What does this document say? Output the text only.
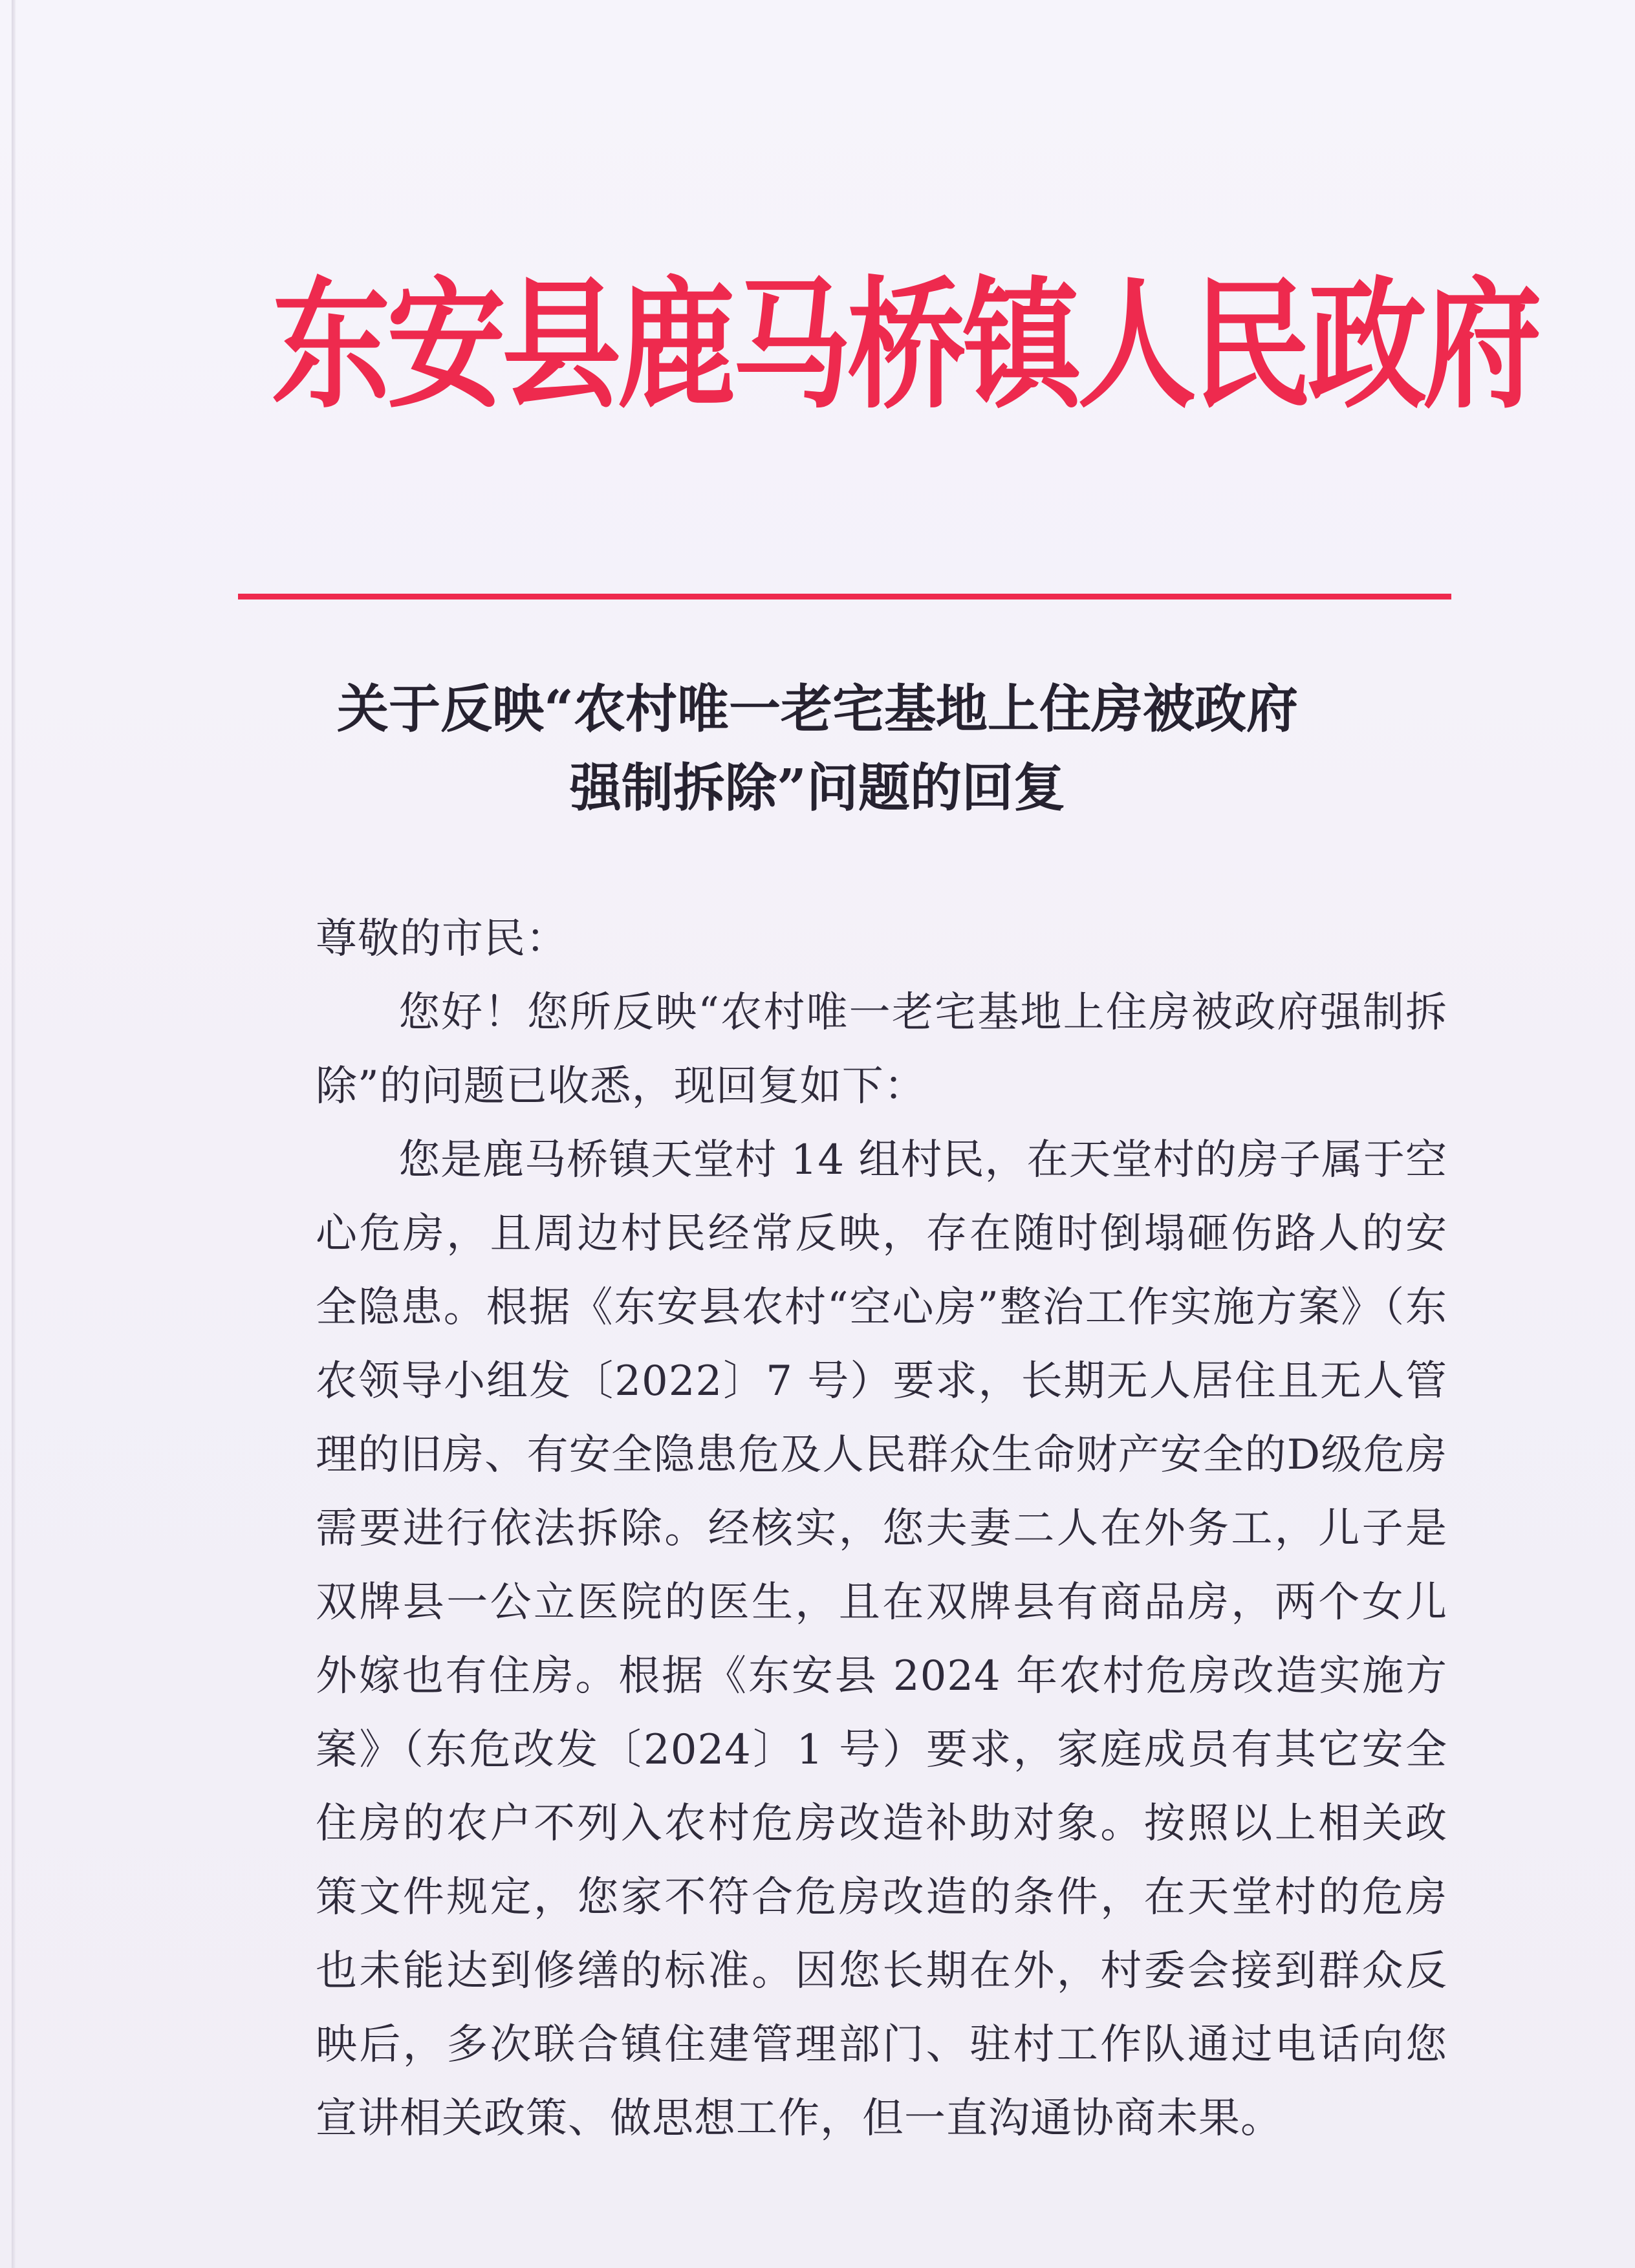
东安县鹿马桥镇人民政府
关于反映“农村唯一老宅基地上住房被政府
强制拆除”问题的回复

尊敬的市民：

您好！您所反映“农村唯一老宅基地上住房被政府强制拆除”的问题已收悉，现回复如下：

您是鹿马桥镇天堂村 14 组村民，在天堂村的房子属于空心危房，且周边村民经常反映，存在随时倒塌砸伤路人的安全隐患。根据《东安县农村“空心房”整治工作实施方案》（东农领导小组发〔2022〕7 号）要求，长期无人居住且无人管理的旧房、有安全隐患危及人民群众生命财产安全的D级危房需要进行依法拆除。经核实，您夫妻二人在外务工，儿子是双牌县一公立医院的医生，且在双牌县有商品房，两个女儿外嫁也有住房。根据《东安县 2024 年农村危房改造实施方案》（东危改发〔2024〕1 号）要求，家庭成员有其它安全住房的农户不列入农村危房改造补助对象。按照以上相关政策文件规定，您家不符合危房改造的条件，在天堂村的危房也未能达到修缮的标准。因您长期在外，村委会接到群众反映后，多次联合镇住建管理部门、驻村工作队通过电话向您宣讲相关政策、做思想工作，但一直沟通协商未果。
